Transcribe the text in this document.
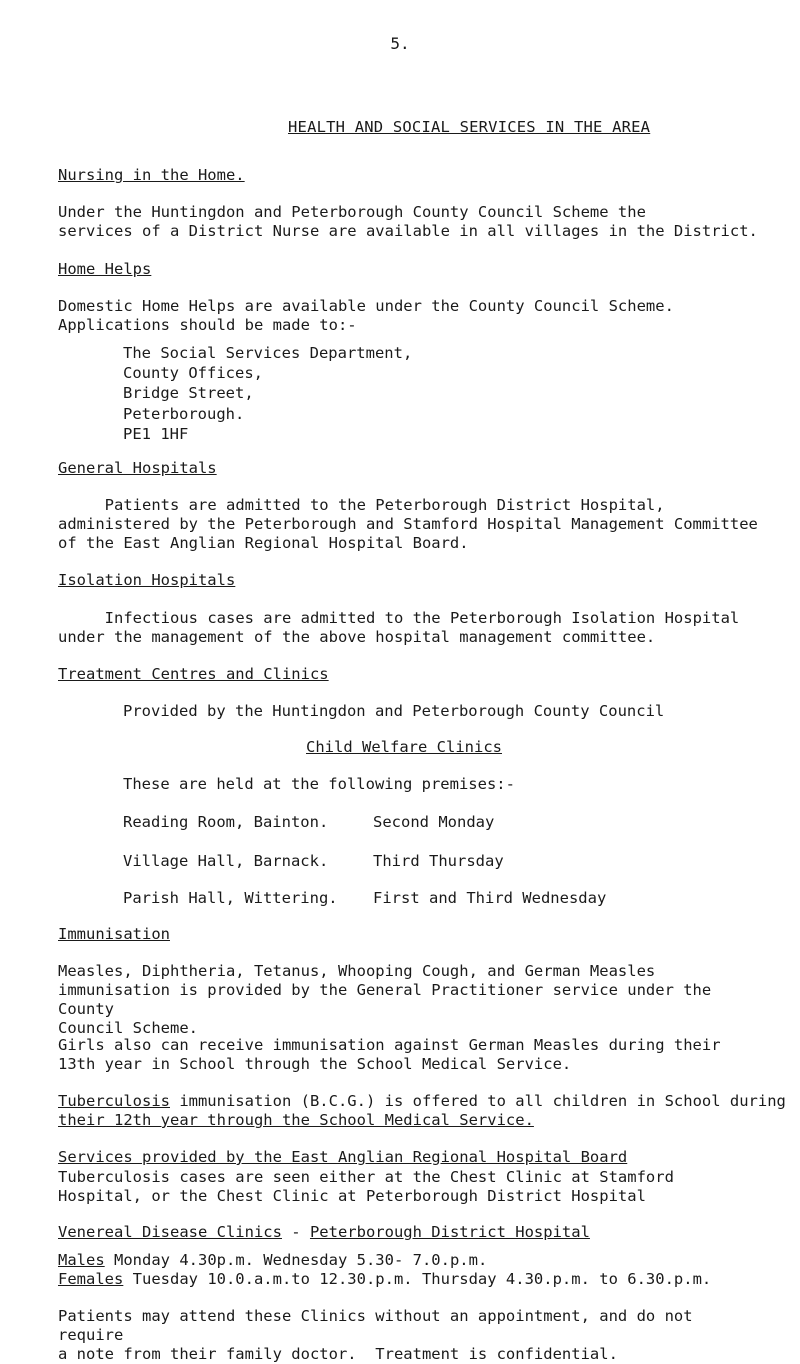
5.
HEALTH AND SOCIAL SERVICES IN THE AREA
Nursing in the Home.
Under the Huntingdon and Peterborough County Council Scheme the
services of a District Nurse are available in all villages in the District.
Home Helps
Domestic Home Helps are available under the County Council Scheme.
Applications should be made to:-
The Social Services Department,
County Offices,
Bridge Street,
Peterborough.
PE1 1HF
General Hospitals
Patients are admitted to the Peterborough District Hospital,
administered by the Peterborough and Stamford Hospital Management Committee
of the East Anglian Regional Hospital Board.
Isolation Hospitals
Infectious cases are admitted to the Peterborough Isolation Hospital
under the management of the above hospital management committee.
Treatment Centres and Clinics
Provided by the Huntingdon and Peterborough County Council
Child Welfare Clinics
These are held at the following premises:-
Reading Room, Bainton.	Second Monday
Village Hall, Barnack.	Third Thursday
Parish Hall, Wittering. First and Third Wednesday
Immunisation
Measles, Diphtheria, Tetanus, Whooping Cough, and German Measles
immunisation is provided by the General Practitioner service under the County
Council Scheme.
Girls also can receive immunisation against German Measles during their
13th year in School through the School Medical Service.
Tuberculosis immunisation (B.C.G.) is offered to all children in School during
their 12th year through the School Medical Service.
Services provided by the East Anglian Regional Hospital Board
Tuberculosis cases are seen either at the Chest Clinic at Stamford
Hospital, or the Chest Clinic at Peterborough District Hospital
Venereal Disease Clinics - Peterborough District Hospital
Males Monday 4.30p.m. Wednesday 5.30- 7.0.p.m.
Females Tuesday 10.0.a.m.to 12.30.p.m. Thursday 4.30.p.m. to 6.30.p.m.
Patients may attend these Clinics without an appointment, and do not require
a note from their family doctor.  Treatment is confidential.
